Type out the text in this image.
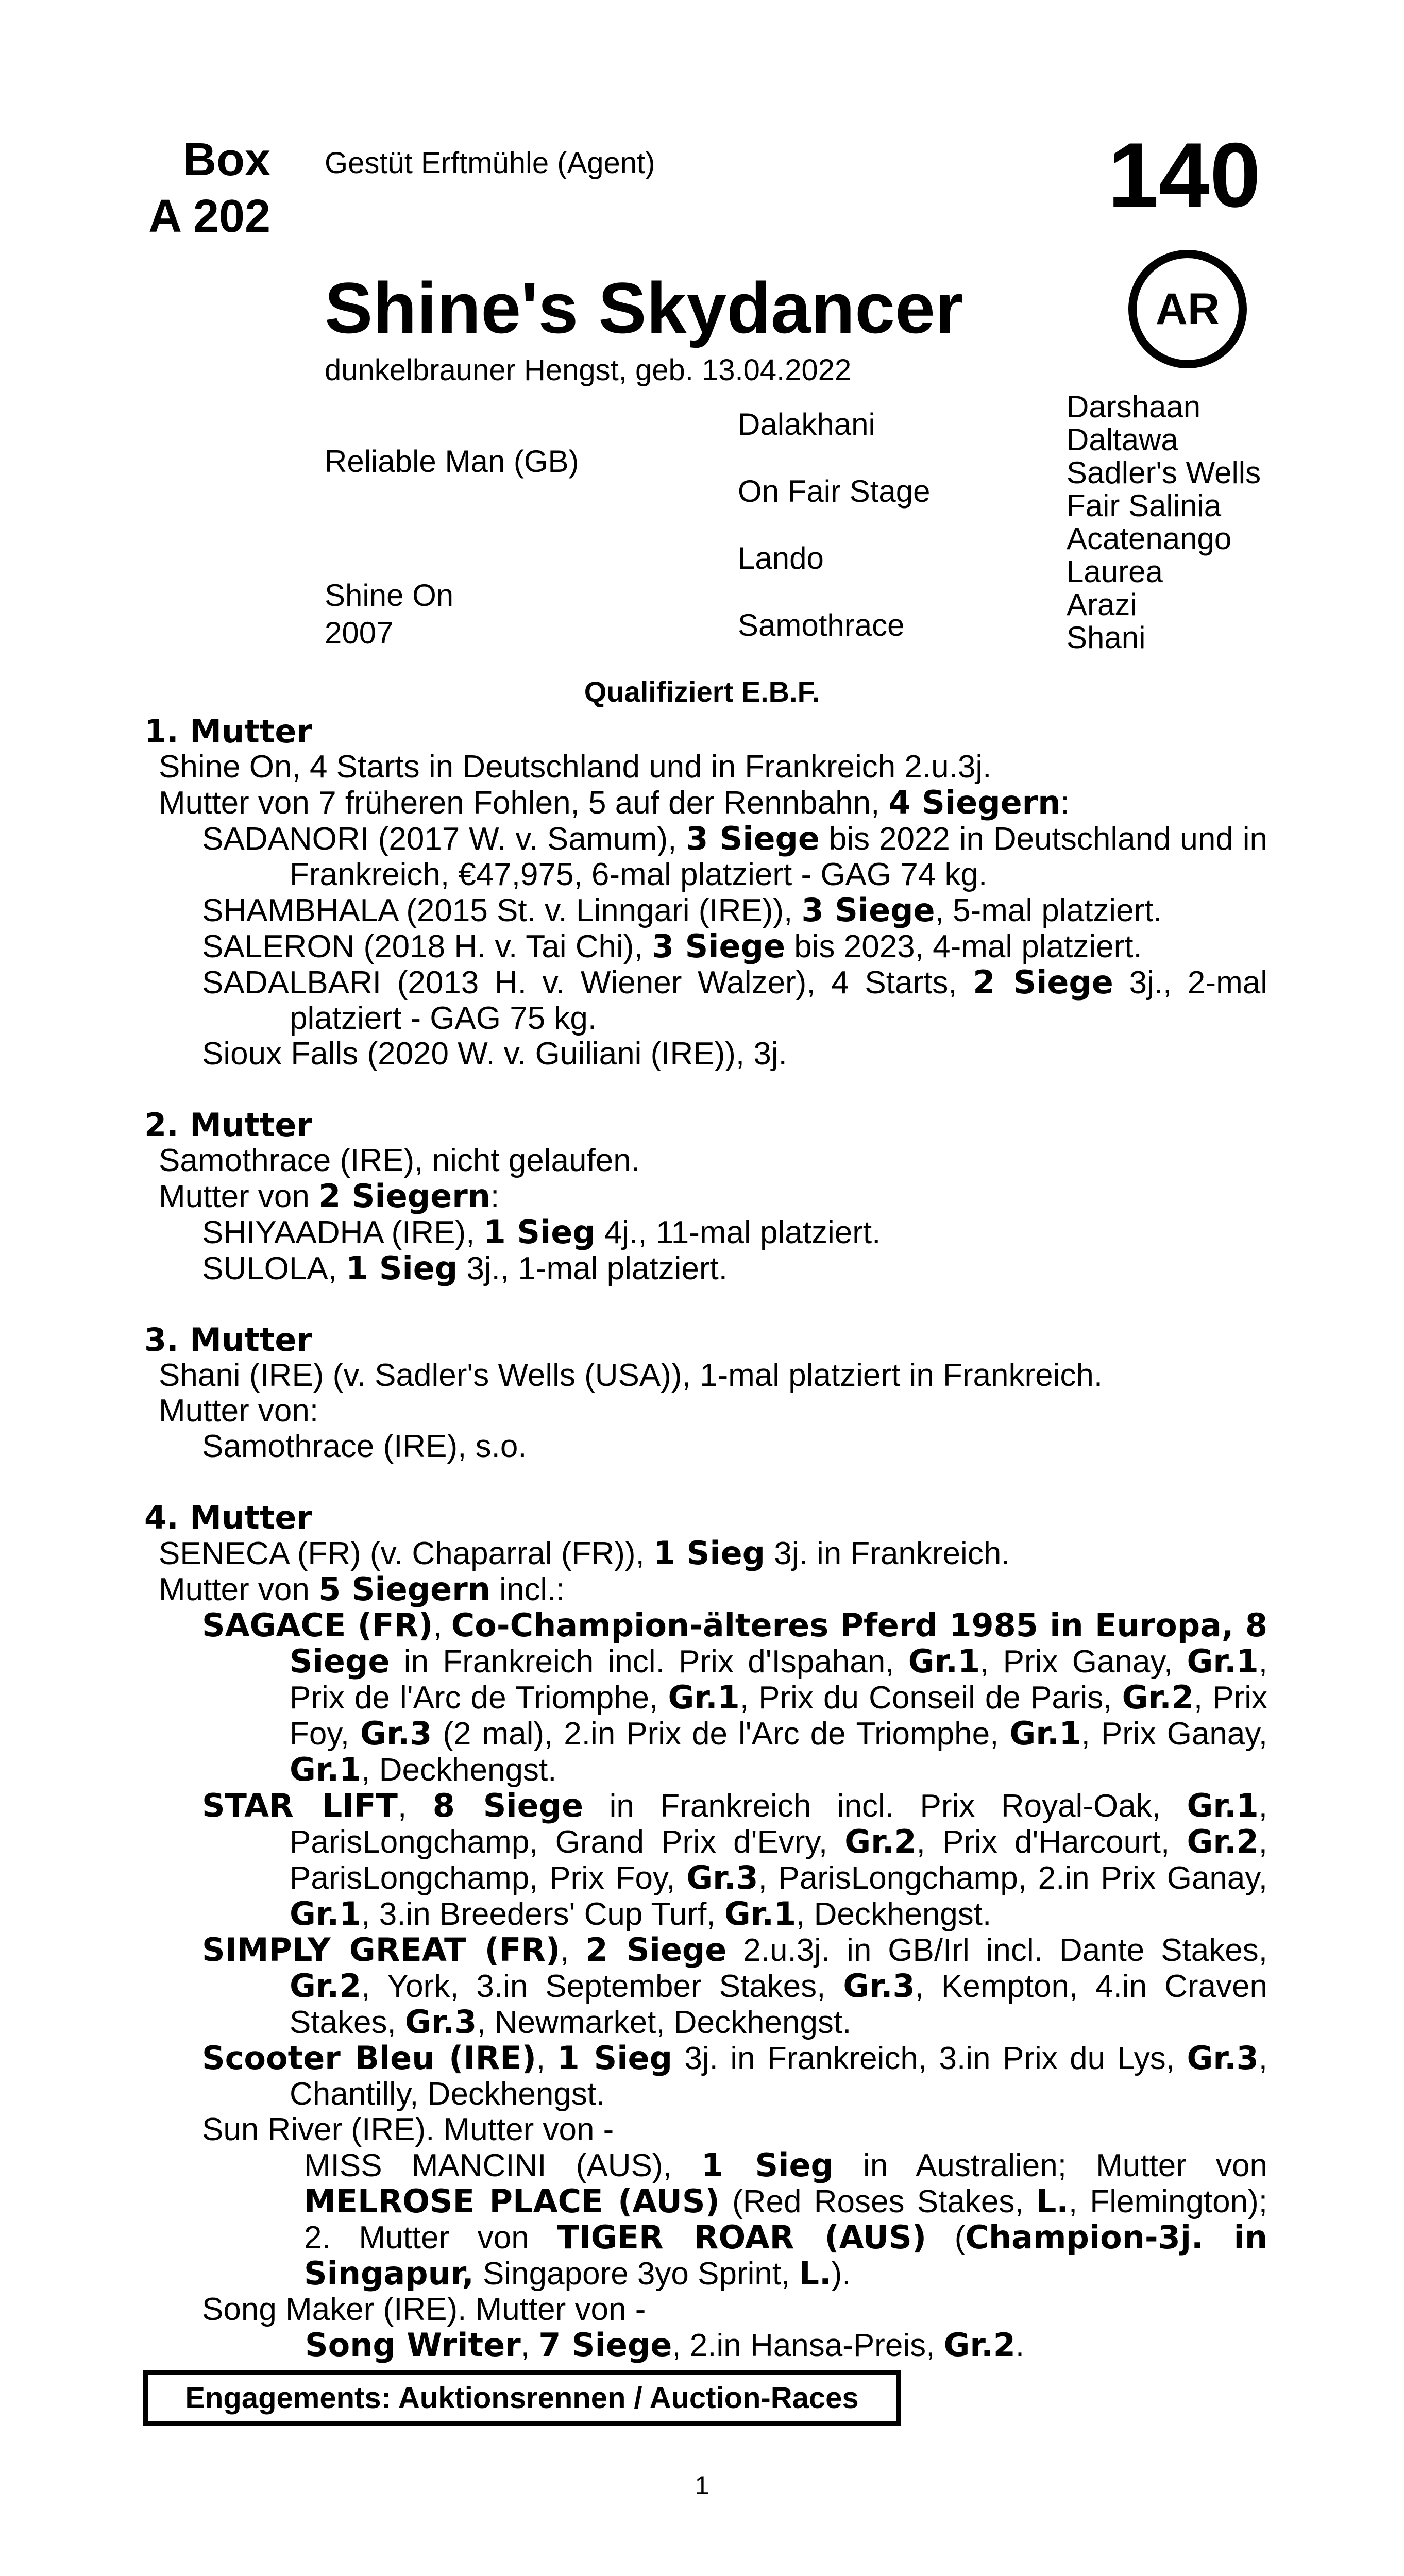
Box
A 202
Gestüt Erftmühle (Agent)	140
AR
Shine's Skydancer
dunkelbrauner Hengst, geb. 13.04.2022
Reliable Man (GB)
Shine On
2007
Dalakhani
On Fair Stage
Lando
Samothrace
Darshaan
Daltawa
Sadler's Wells
Fair Salinia
Acatenango
Laurea
Arazi
Shani
Qualifiziert E.B.F.
1. Mutter
Shine On, 4 Starts in Deutschland und in Frankreich 2.u.3j.
Mutter von 7 früheren Fohlen, 5 auf der Rennbahn, 4 Siegern:
SADANORI (2017 W. v. Samum), 3 Siege bis 2022 in Deutschland und in Frankreich, €47,975, 6-mal platziert - GAG 74 kg.
SHAMBHALA (2015 St. v. Linngari (IRE)), 3 Siege, 5-mal platziert.
SALERON (2018 H. v. Tai Chi), 3 Siege bis 2023, 4-mal platziert.
SADALBARI (2013 H. v. Wiener Walzer), 4 Starts, 2 Siege 3j., 2-mal platziert - GAG 75 kg.
Sioux Falls (2020 W. v. Guiliani (IRE)), 3j.
2. Mutter
Samothrace (IRE), nicht gelaufen.
Mutter von 2 Siegern:
SHIYAADHA (IRE), 1 Sieg 4j., 11-mal platziert.
SULOLA, 1 Sieg 3j., 1-mal platziert.
3. Mutter
Shani (IRE) (v. Sadler's Wells (USA)), 1-mal platziert in Frankreich.
Mutter von:
Samothrace (IRE), s.o.
4. Mutter
SENECA (FR) (v. Chaparral (FR)), 1 Sieg 3j. in Frankreich.
Mutter von 5 Siegern incl.:
SAGACE (FR), Co-Champion-älteres Pferd 1985 in Europa, 8 Siege in Frankreich incl. Prix d'Ispahan, Gr.1, Prix Ganay, Gr.1, Prix de l'Arc de Triomphe, Gr.1, Prix du Conseil de Paris, Gr.2, Prix Foy, Gr.3 (2 mal), 2.in Prix de l'Arc de Triomphe, Gr.1, Prix Ganay, Gr.1, Deckhengst.
STAR LIFT, 8 Siege in Frankreich incl. Prix Royal-Oak, Gr.1, ParisLongchamp, Grand Prix d'Evry, Gr.2, Prix d'Harcourt, Gr.2, ParisLongchamp, Prix Foy, Gr.3, ParisLongchamp, 2.in Prix Ganay, Gr.1, 3.in Breeders' Cup Turf, Gr.1, Deckhengst.
SIMPLY GREAT (FR), 2 Siege 2.u.3j. in GB/Irl incl. Dante Stakes, Gr.2, York, 3.in September Stakes, Gr.3, Kempton, 4.in Craven Stakes, Gr.3, Newmarket, Deckhengst.
Scooter Bleu (IRE), 1 Sieg 3j. in Frankreich, 3.in Prix du Lys, Gr.3, Chantilly, Deckhengst.
Sun River (IRE). Mutter von -
MISS MANCINI (AUS), 1 Sieg in Australien; Mutter von MELROSE PLACE (AUS) (Red Roses Stakes, L., Flemington); 2. Mutter von TIGER ROAR (AUS) (Champion-3j. in Singapur, Singapore 3yo Sprint, L.).
Song Maker (IRE). Mutter von -
Song Writer, 7 Siege, 2.in Hansa-Preis, Gr.2.
Engagements: Auktionsrennen / Auction-Races
1
